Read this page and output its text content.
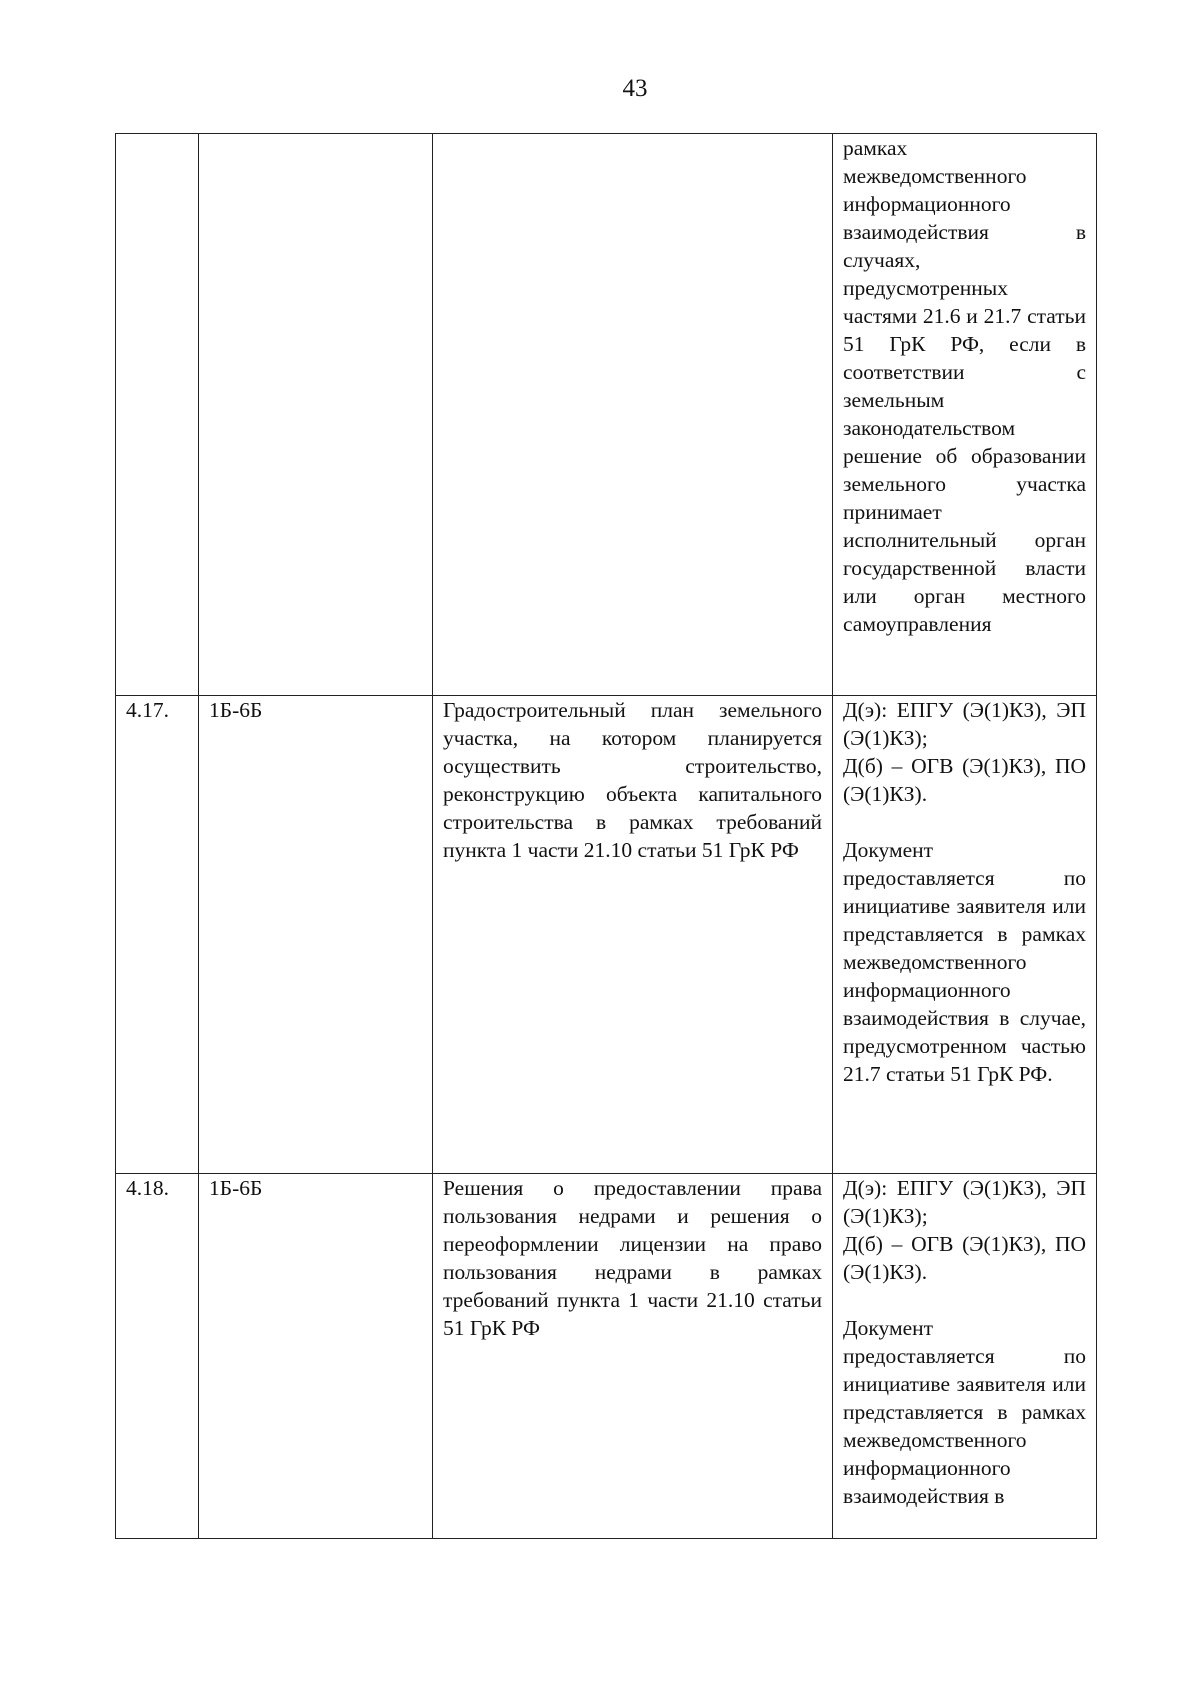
43

			рамках межведомственного информационного взаимодействия в случаях, предусмотренных частями 21.6 и 21.7 статьи 51 ГрК РФ, если в соответствии с земельным законодательством решение об образовании земельного участка принимает исполнительный орган государственной власти или орган местного самоуправления

4.17.	1Б-6Б	Градостроительный план земельного участка, на котором планируется осуществить строительство, реконструкцию объекта капитального строительства в рамках требований пункта 1 части 21.10 статьи 51 ГрК РФ	Д(э): ЕПГУ (Э(1)КЗ), ЭП (Э(1)КЗ);
Д(б) – ОГВ (Э(1)КЗ), ПО (Э(1)КЗ).
Документ предоставляется по инициативе заявителя или представляется в рамках межведомственного информационного взаимодействия в случае, предусмотренном частью 21.7 статьи 51 ГрК РФ.

4.18.	1Б-6Б	Решения о предоставлении права пользования недрами и решения о переоформлении лицензии на право пользования недрами в рамках требований пункта 1 части 21.10 статьи 51 ГрК РФ	Д(э): ЕПГУ (Э(1)КЗ), ЭП (Э(1)КЗ);
Д(б) – ОГВ (Э(1)КЗ), ПО (Э(1)КЗ).
Документ предоставляется по инициативе заявителя или представляется в рамках межведомственного информационного взаимодействия в
